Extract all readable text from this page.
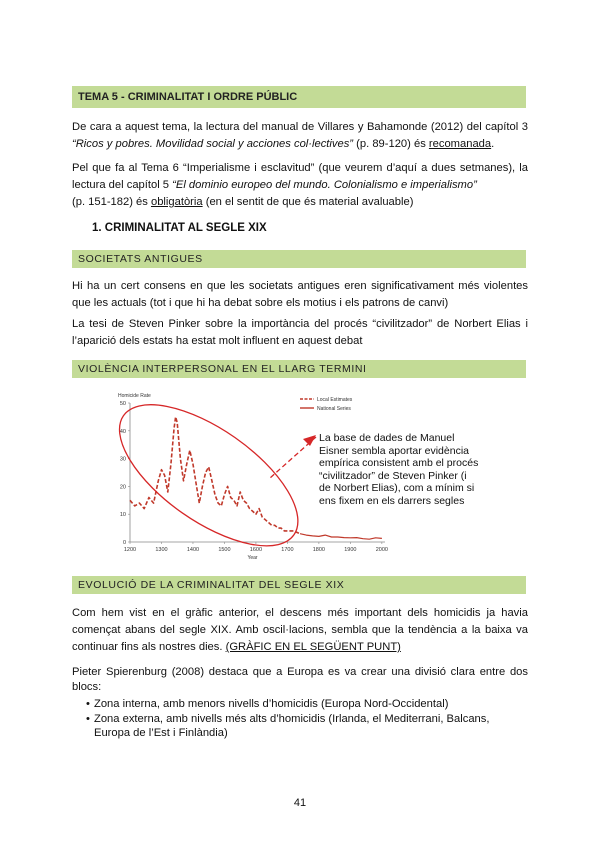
TEMA 5 - CRIMINALITAT I ORDRE PÚBLIC

De cara a aquest tema, la lectura del manual de Villares y Bahamonde (2012) del capítol 3 “Ricos y pobres. Movilidad social y acciones col·lectives” (p. 89-120) és recomanada.

Pel que fa al Tema 6 “Imperialisme i esclavitud” (que veurem d’aquí a dues setmanes), la lectura del capítol 5 “El dominio europeo del mundo. Colonialismo e imperialismo”
(p. 151-182) és obligatòria (en el sentit de que és material avaluable)

1. CRIMINALITAT AL SEGLE XIX
SOCIETATS ANTIGUES

Hi ha un cert consens en que les societats antigues eren significativament més violentes que les actuals (tot i que hi ha debat sobre els motius i els patrons de canvi)

La tesi de Steven Pinker sobre la importància del procés “civilitzador” de Norbert Elias i l’aparició dels estats ha estat molt influent en aquest debat

VIOLÈNCIA INTERPERSONAL EN EL LLARG TERMINI
Homicide Rate
0
10
20
30
40
50
1200	1300	1400	1500	1600	1700	1800	1900	2000
Year
Local Estimates
National Series
La base de dades de Manuel
Eisner sembla aportar evidència
empírica consistent amb el procés
“civilitzador” de Steven Pinker (i
de Norbert Elias), com a mínim si
ens fixem en els darrers segles
EVOLUCIÓ DE LA CRIMINALITAT DEL SEGLE XIX

Com hem vist en el gràfic anterior, el descens més important dels homicidis ja havia començat abans del segle XIX. Amb oscil·lacions, sembla que la tendència a la baixa va continuar fins als nostres dies. (GRÀFIC EN EL SEGÜENT PUNT)

Pieter Spierenburg (2008) destaca que a Europa es va crear una divisió clara entre dos blocs:

• Zona interna, amb menors nivells d’homicidis (Europa Nord-Occidental)
• Zona externa, amb nivells més alts d’homicidis (Irlanda, el Mediterrani, Balcans, Europa de l’Est i Finlàndia)
41
